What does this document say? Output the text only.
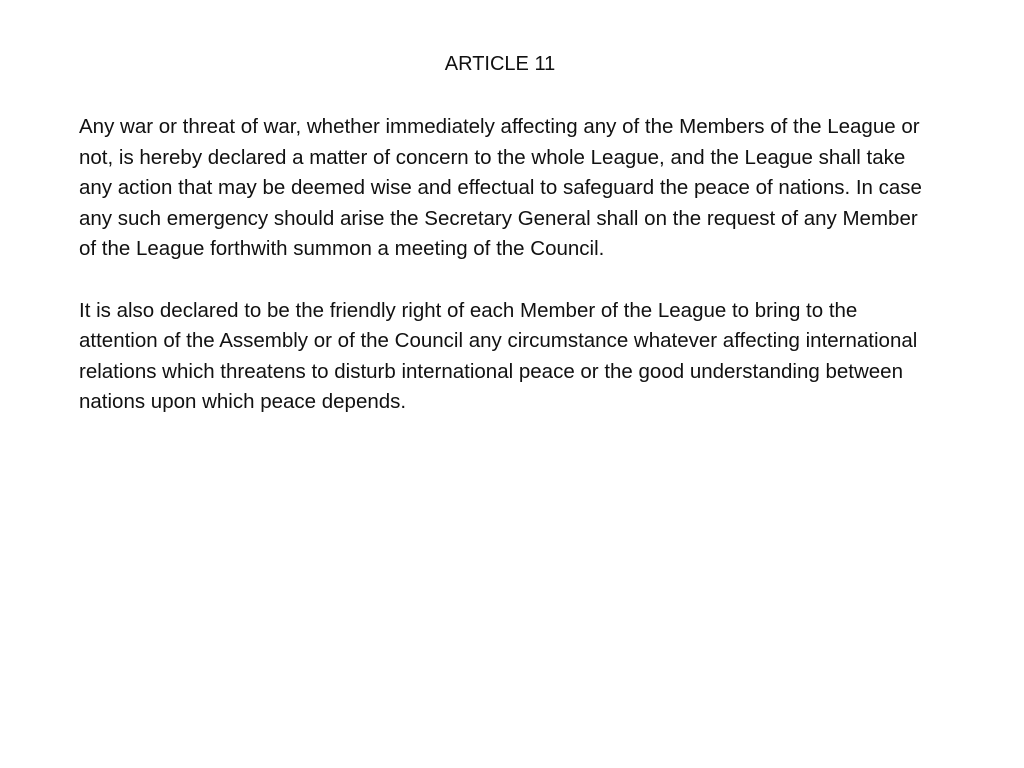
ARTICLE 11

Any war or threat of war, whether immediately affecting any of the Members of the League or not, is hereby declared a matter of concern to the whole League, and the League shall take any action that may be deemed wise and effectual to safeguard the peace of nations. In case any such emergency should arise the Secretary General shall on the request of any Member of the League forthwith summon a meeting of the Council.

It is also declared to be the friendly right of each Member of the League to bring to the attention of the Assembly or of the Council any circumstance whatever affecting international relations which threatens to disturb international peace or the good understanding between nations upon which peace depends.
